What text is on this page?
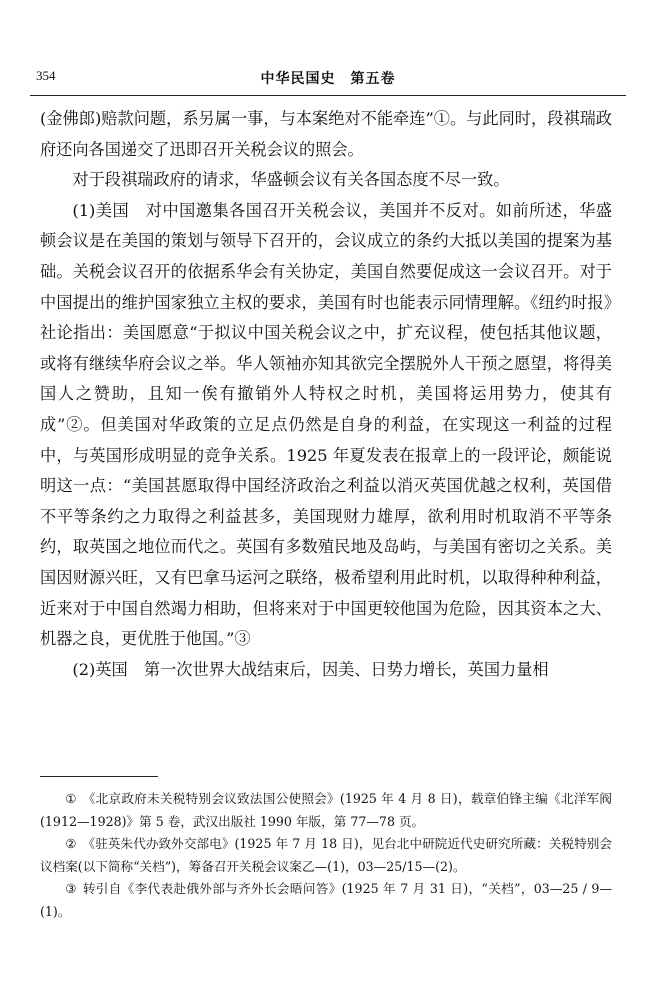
354	中华民国史　第五卷

(金佛郎)赔款问题，系另属一事，与本案绝对不能牵连”①。与此同时，段祺瑞政府还向各国递交了迅即召开关税会议的照会。

对于段祺瑞政府的请求，华盛顿会议有关各国态度不尽一致。

(1)美国　对中国邀集各国召开关税会议，美国并不反对。如前所述，华盛顿会议是在美国的策划与领导下召开的，会议成立的条约大抵以美国的提案为基础。关税会议召开的依据系华会有关协定，美国自然要促成这一会议召开。对于中国提出的维护国家独立主权的要求，美国有时也能表示同情理解。《纽约时报》社论指出：美国愿意“于拟议中国关税会议之中，扩充议程，使包括其他议题，或将有继续华府会议之举。华人领袖亦知其欲完全摆脱外人干预之愿望，将得美国人之赞助，且知一俟有撤销外人特权之时机，美国将运用势力，使其有成”②。但美国对华政策的立足点仍然是自身的利益，在实现这一利益的过程中，与英国形成明显的竞争关系。1925 年夏发表在报章上的一段评论，颇能说明这一点：“美国甚愿取得中国经济政治之利益以消灭英国优越之权利，英国借不平等条约之力取得之利益甚多，美国现财力雄厚，欲利用时机取消不平等条约，取英国之地位而代之。英国有多数殖民地及岛屿，与美国有密切之关系。美国因财源兴旺，又有巴拿马运河之联络，极希望利用此时机，以取得种种利益，近来对于中国自然竭力相助，但将来对于中国更较他国为危险，因其资本之大、机器之良，更优胜于他国。”③

(2)英国　第一次世界大战结束后，因美、日势力增长，英国力量相

① 《北京政府未关税特别会议致法国公使照会》(1925 年 4 月 8 日)，载章伯锋主编《北洋军阀(1912—1928)》第 5 卷，武汉出版社 1990 年版，第 77—78 页。

② 《驻英朱代办致外交部电》(1925 年 7 月 18 日)，见台北中研院近代史研究所藏：关税特别会议档案(以下简称“关档”)，筹备召开关税会议案乙—(1)，03—25/15—(2)。

③ 转引自《李代表赴俄外部与齐外长会晤问答》(1925 年 7 月 31 日)，“关档”，03—25 / 9—(1)。
